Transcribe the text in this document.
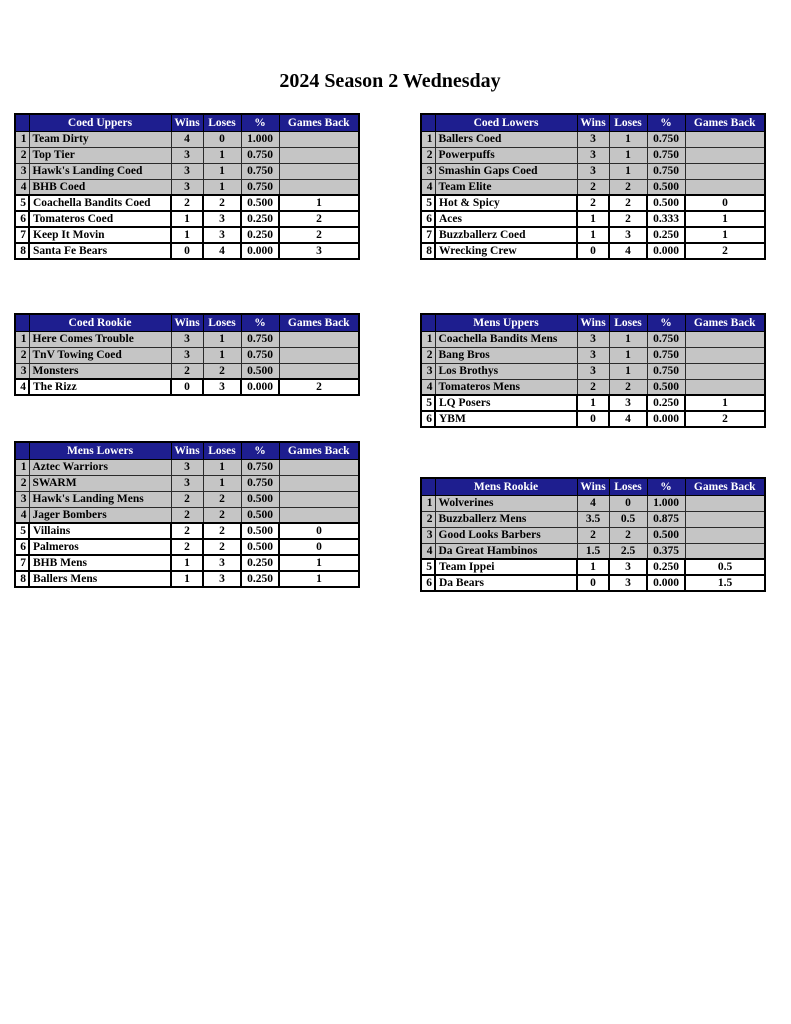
2024 Season 2 Wednesday
	Coed Uppers	Wins	Loses	%	Games Back
1	Team Dirty	4	0	1.000	
2	Top Tier	3	1	0.750	
3	Hawk's Landing Coed	3	1	0.750	
4	BHB Coed	3	1	0.750	
5	Coachella Bandits Coed	2	2	0.500	1
6	Tomateros Coed	1	3	0.250	2
7	Keep It Movin	1	3	0.250	2
8	Santa Fe Bears	0	4	0.000	3
	Coed Lowers	Wins	Loses	%	Games Back
1	Ballers Coed	3	1	0.750	
2	Powerpuffs	3	1	0.750	
3	Smashin Gaps Coed	3	1	0.750	
4	Team Elite	2	2	0.500	
5	Hot & Spicy	2	2	0.500	0
6	Aces	1	2	0.333	1
7	Buzzballerz Coed	1	3	0.250	1
8	Wrecking Crew	0	4	0.000	2
	Coed Rookie	Wins	Loses	%	Games Back
1	Here Comes Trouble	3	1	0.750	
2	TnV Towing Coed	3	1	0.750	
3	Monsters	2	2	0.500	
4	The Rizz	0	3	0.000	2
	Mens Uppers	Wins	Loses	%	Games Back
1	Coachella Bandits Mens	3	1	0.750	
2	Bang Bros	3	1	0.750	
3	Los Brothys	3	1	0.750	
4	Tomateros Mens	2	2	0.500	
5	LQ Posers	1	3	0.250	1
6	YBM	0	4	0.000	2
	Mens Lowers	Wins	Loses	%	Games Back
1	Aztec Warriors	3	1	0.750	
2	SWARM	3	1	0.750	
3	Hawk's Landing Mens	2	2	0.500	
4	Jager Bombers	2	2	0.500	
5	Villains	2	2	0.500	0
6	Palmeros	2	2	0.500	0
7	BHB Mens	1	3	0.250	1
8	Ballers Mens	1	3	0.250	1
	Mens Rookie	Wins	Loses	%	Games Back
1	Wolverines	4	0	1.000	
2	Buzzballerz Mens	3.5	0.5	0.875	
3	Good Looks Barbers	2	2	0.500	
4	Da Great Hambinos	1.5	2.5	0.375	
5	Team Ippei	1	3	0.250	0.5
6	Da Bears	0	3	0.000	1.5
